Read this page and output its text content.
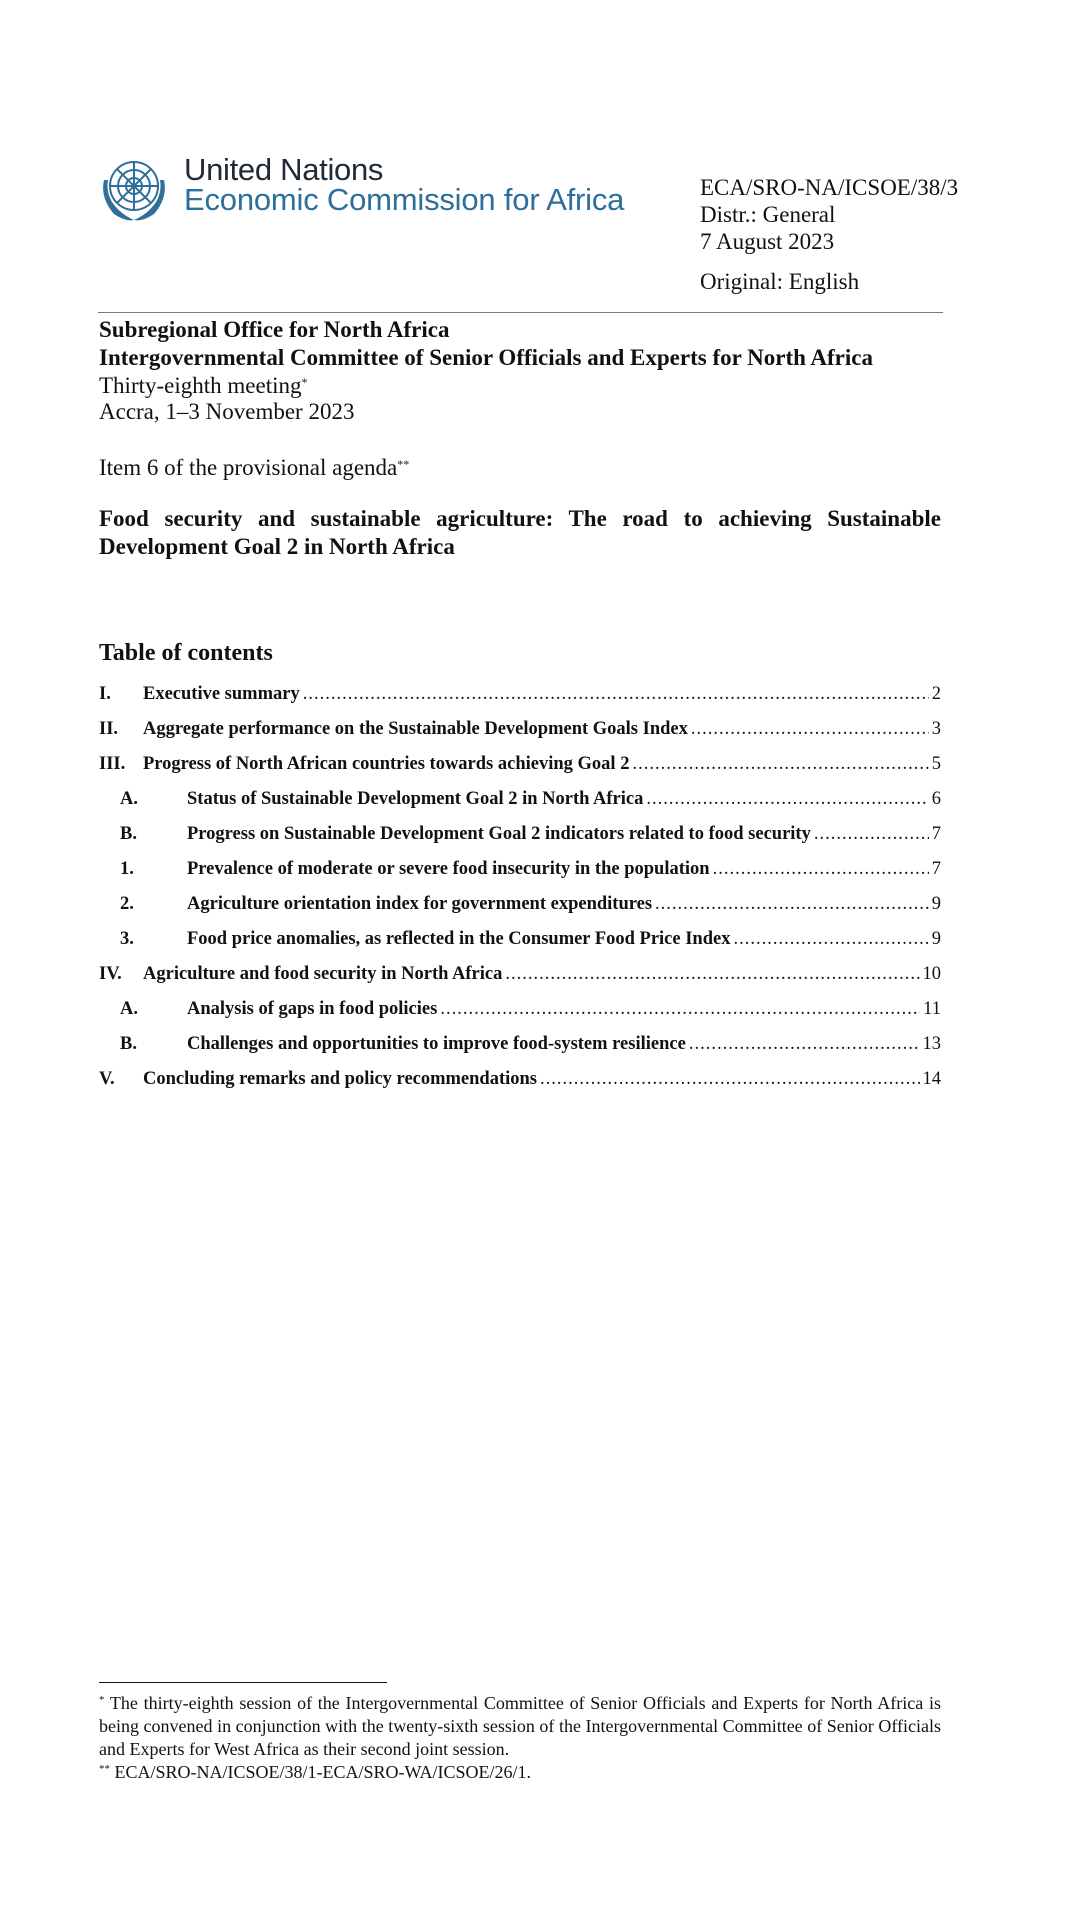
United Nations
Economic Commission for Africa	ECA/SRO-NA/ICSOE/38/3
Distr.: General
7 August 2023
Original: English
Subregional Office for North Africa
Intergovernmental Committee of Senior Officials and Experts for North Africa
Thirty-eighth meeting*
Accra, 1–3 November 2023
Item 6 of the provisional agenda**
Food security and sustainable agriculture: The road to achieving Sustainable Development Goal 2 in North Africa
Table of contents
I. Executive summary .....	2
II. Aggregate performance on the Sustainable Development Goals Index .....	3
III. Progress of North African countries towards achieving Goal 2 .....	5
A.	Status of Sustainable Development Goal 2 in North Africa .....	6
B.	Progress on Sustainable Development Goal 2 indicators related to food security .....	7
1.	Prevalence of moderate or severe food insecurity in the population .....	7
2.	Agriculture orientation index for government expenditures .....	9
3.	Food price anomalies, as reflected in the Consumer Food Price Index .....	9
IV. Agriculture and food security in North Africa .....	10
A.	Analysis of gaps in food policies .....	11
B.	Challenges and opportunities to improve food-system resilience .....	13
V. Concluding remarks and policy recommendations .....	14
* The thirty-eighth session of the Intergovernmental Committee of Senior Officials and Experts for North Africa is being convened in conjunction with the twenty-sixth session of the Intergovernmental Committee of Senior Officials and Experts for West Africa as their second joint session.
** ECA/SRO-NA/ICSOE/38/1-ECA/SRO-WA/ICSOE/26/1.
